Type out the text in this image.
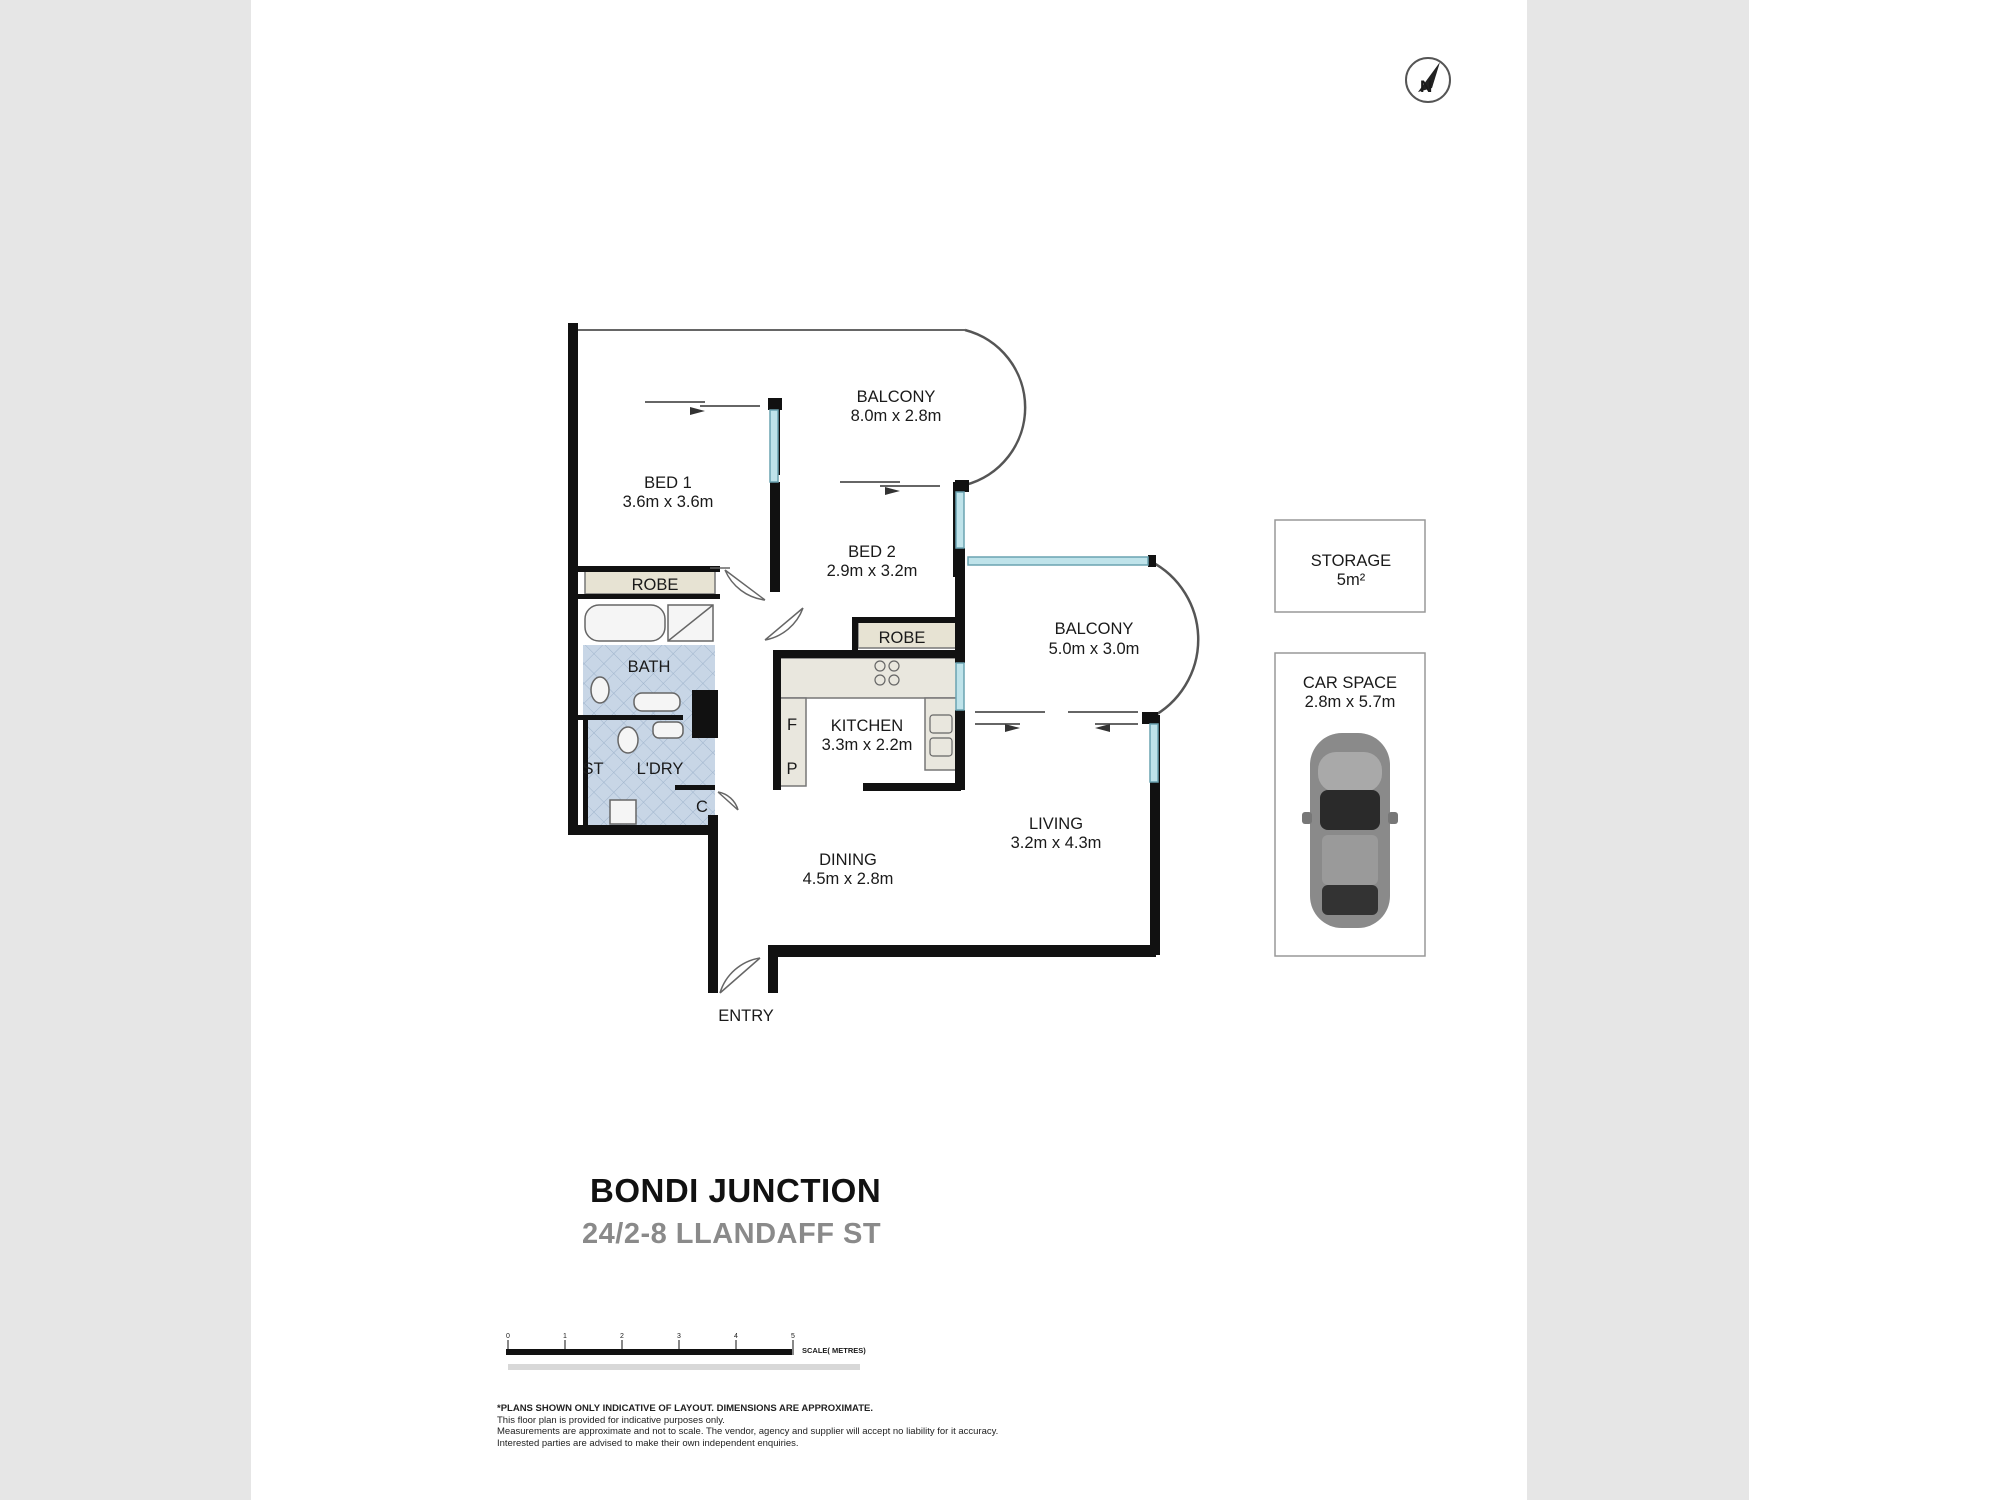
N
BALCONY
8.0m x 2.8m
BED 1
3.6m x 3.6m
BED 2
2.9m x 3.2m
BALCONY
5.0m x 3.0m
KITCHEN
3.3m x 2.2m
LIVING
3.2m x 4.3m
DINING
4.5m x 2.8m
STORAGE
5m²
CAR SPACE
2.8m x 5.7m
ROBE
ROBE
BATH
L'DRY
ST
C
F
P
ENTRY
0	1	2	3	4	5
SCALE( METRES)
BONDI JUNCTION
24/2-8 LLANDAFF ST
*PLANS SHOWN ONLY INDICATIVE OF LAYOUT. DIMENSIONS ARE APPROXIMATE.
This floor plan is provided for indicative purposes only.
Measurements are approximate and not to scale. The vendor, agency and supplier will accept no liability for it accuracy.
Interested parties are advised to make their own independent enquiries.
